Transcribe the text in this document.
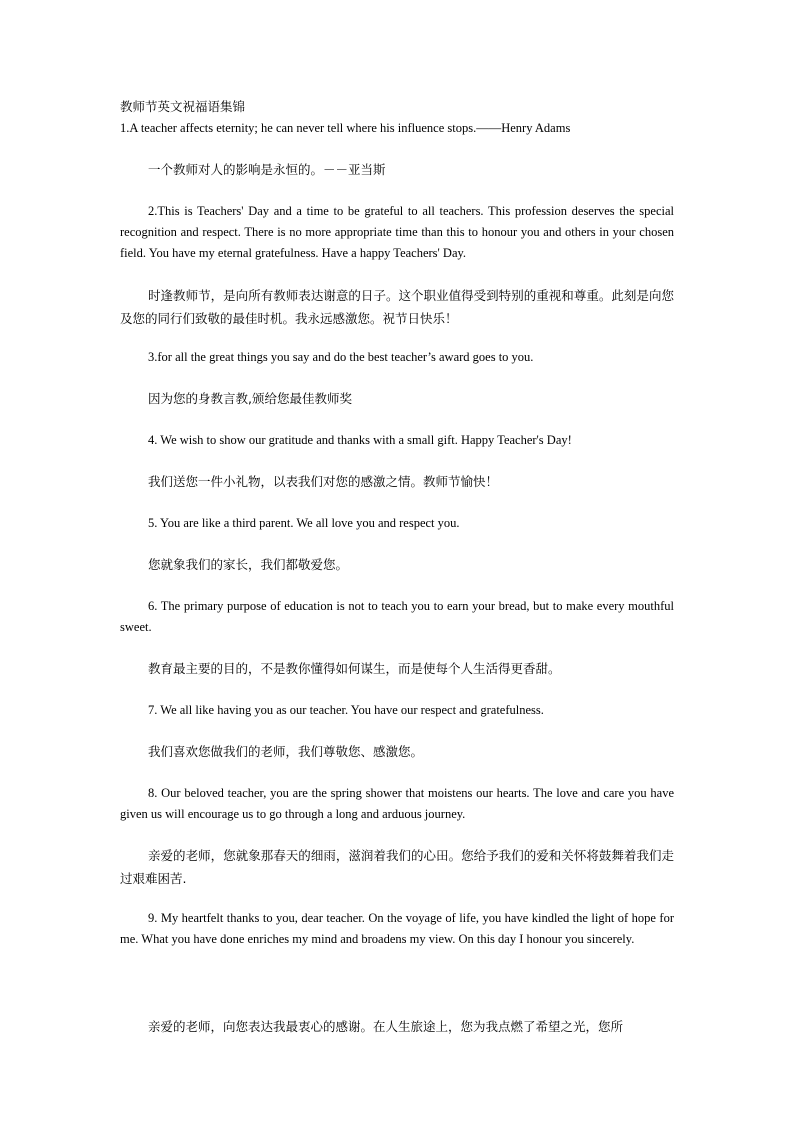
教师节英文祝福语集锦
1.A teacher affects eternity; he can never tell where his influence stops.——Henry Adams
一个教师对人的影响是永恒的。－－亚当斯
2.This is Teachers' Day and a time to be grateful to all teachers. This profession deserves the special recognition and respect. There is no more appropriate time than this to honour you and others in your chosen field. You have my eternal gratefulness. Have a happy Teachers' Day.
时逢教师节，是向所有教师表达谢意的日子。这个职业值得受到特别的重视和尊重。此刻是向您及您的同行们致敬的最佳时机。我永远感激您。祝节日快乐！
3.for all the great things you say and do the best teacher’s award goes to you.
因为您的身教言教,颁给您最佳教师奖
4. We wish to show our gratitude and thanks with a small gift. Happy Teacher's Day!
我们送您一件小礼物，以表我们对您的感激之情。教师节愉快！
5. You are like a third parent. We all love you and respect you.
您就象我们的家长，我们都敬爱您。
6. The primary purpose of education is not to teach you to earn your bread, but to make every mouthful sweet.
教育最主要的目的，不是教你懂得如何谋生，而是使每个人生活得更香甜。
7. We all like having you as our teacher. You have our respect and gratefulness.
我们喜欢您做我们的老师，我们尊敬您、感激您。
8. Our beloved teacher, you are the spring shower that moistens our hearts. The love and care you have given us will encourage us to go through a long and arduous journey.
亲爱的老师，您就象那春天的细雨，滋润着我们的心田。您给予我们的爱和关怀将鼓舞着我们走过艰难困苦.
9. My heartfelt thanks to you, dear teacher. On the voyage of life, you have kindled the light of hope for me. What you have done enriches my mind and broadens my view. On this day I honour you sincerely.
亲爱的老师，向您表达我最衷心的感谢。在人生旅途上，您为我点燃了希望之光，您所
